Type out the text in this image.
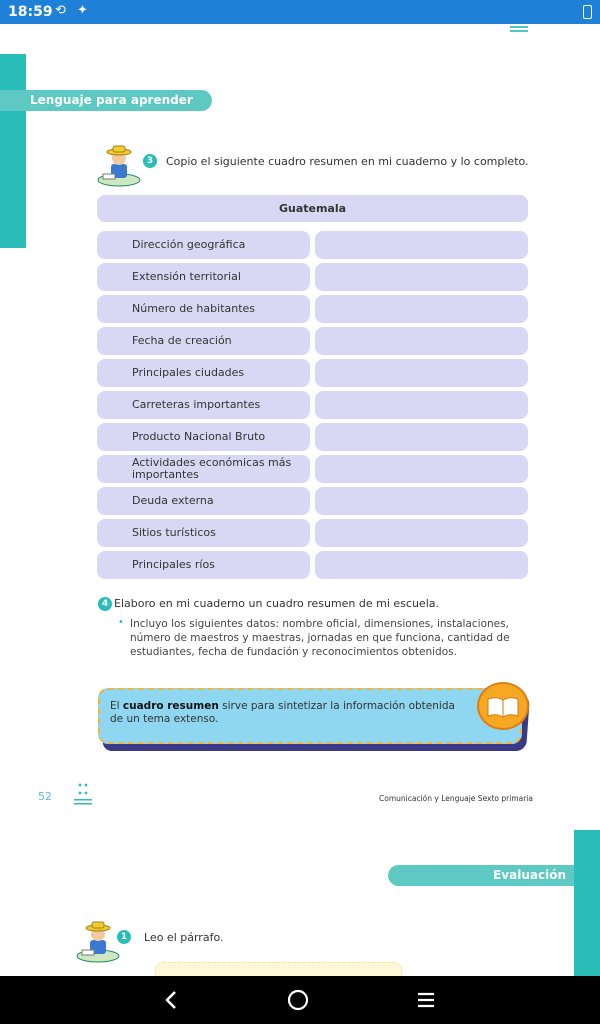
18:59 ⟲ ✦
Lenguaje para aprender
3	Copio el siguiente cuadro resumen en mi cuaderno y lo completo.
Guatemala
Dirección geográfica
Extensión territorial
Número de habitantes
Fecha de creación
Principales ciudades
Carreteras importantes
Producto Nacional Bruto
Actividades económicas más importantes
Deuda externa
Sitios turísticos
Principales ríos
4 Elaboro en mi cuaderno un cuadro resumen de mi escuela.
• Incluyo los siguientes datos: nombre oficial, dimensiones, instalaciones, número de maestros y maestras, jornadas en que funciona, cantidad de estudiantes, fecha de fundación y reconocimientos obtenidos.
El cuadro resumen sirve para sintetizar la información obtenida de un tema extenso.
52	Comunicación y Lenguaje Sexto primaria
Evaluación
1	Leo el párrafo.
